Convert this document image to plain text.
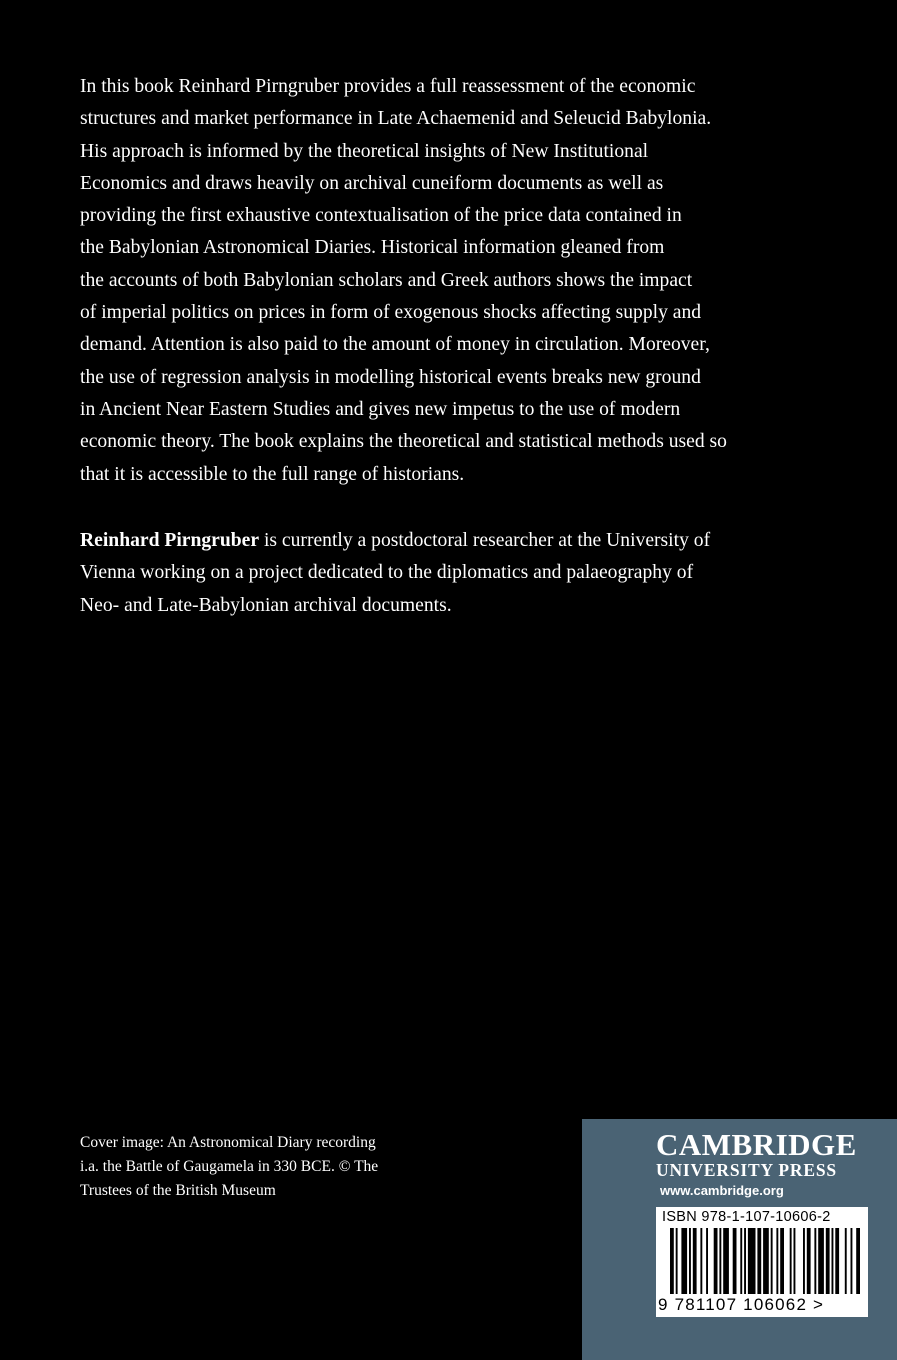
In this book Reinhard Pirngruber provides a full reassessment of the economic
structures and market performance in Late Achaemenid and Seleucid Babylonia.
His approach is informed by the theoretical insights of New Institutional
Economics and draws heavily on archival cuneiform documents as well as
providing the first exhaustive contextualisation of the price data contained in
the Babylonian Astronomical Diaries. Historical information gleaned from
the accounts of both Babylonian scholars and Greek authors shows the impact
of imperial politics on prices in form of exogenous shocks affecting supply and
demand. Attention is also paid to the amount of money in circulation. Moreover,
the use of regression analysis in modelling historical events breaks new ground
in Ancient Near Eastern Studies and gives new impetus to the use of modern
economic theory. The book explains the theoretical and statistical methods used so
that it is accessible to the full range of historians.
Reinhard Pirngruber is currently a postdoctoral researcher at the University of
Vienna working on a project dedicated to the diplomatics and palaeography of
Neo- and Late-Babylonian archival documents.
Cover image: An Astronomical Diary recording
i.a. the Battle of Gaugamela in 330 BCE. © The
Trustees of the British Museum
CAMBRIDGE
UNIVERSITY PRESS
www.cambridge.org
ISBN 978-1-107-10606-2
9 781107 106062 >
